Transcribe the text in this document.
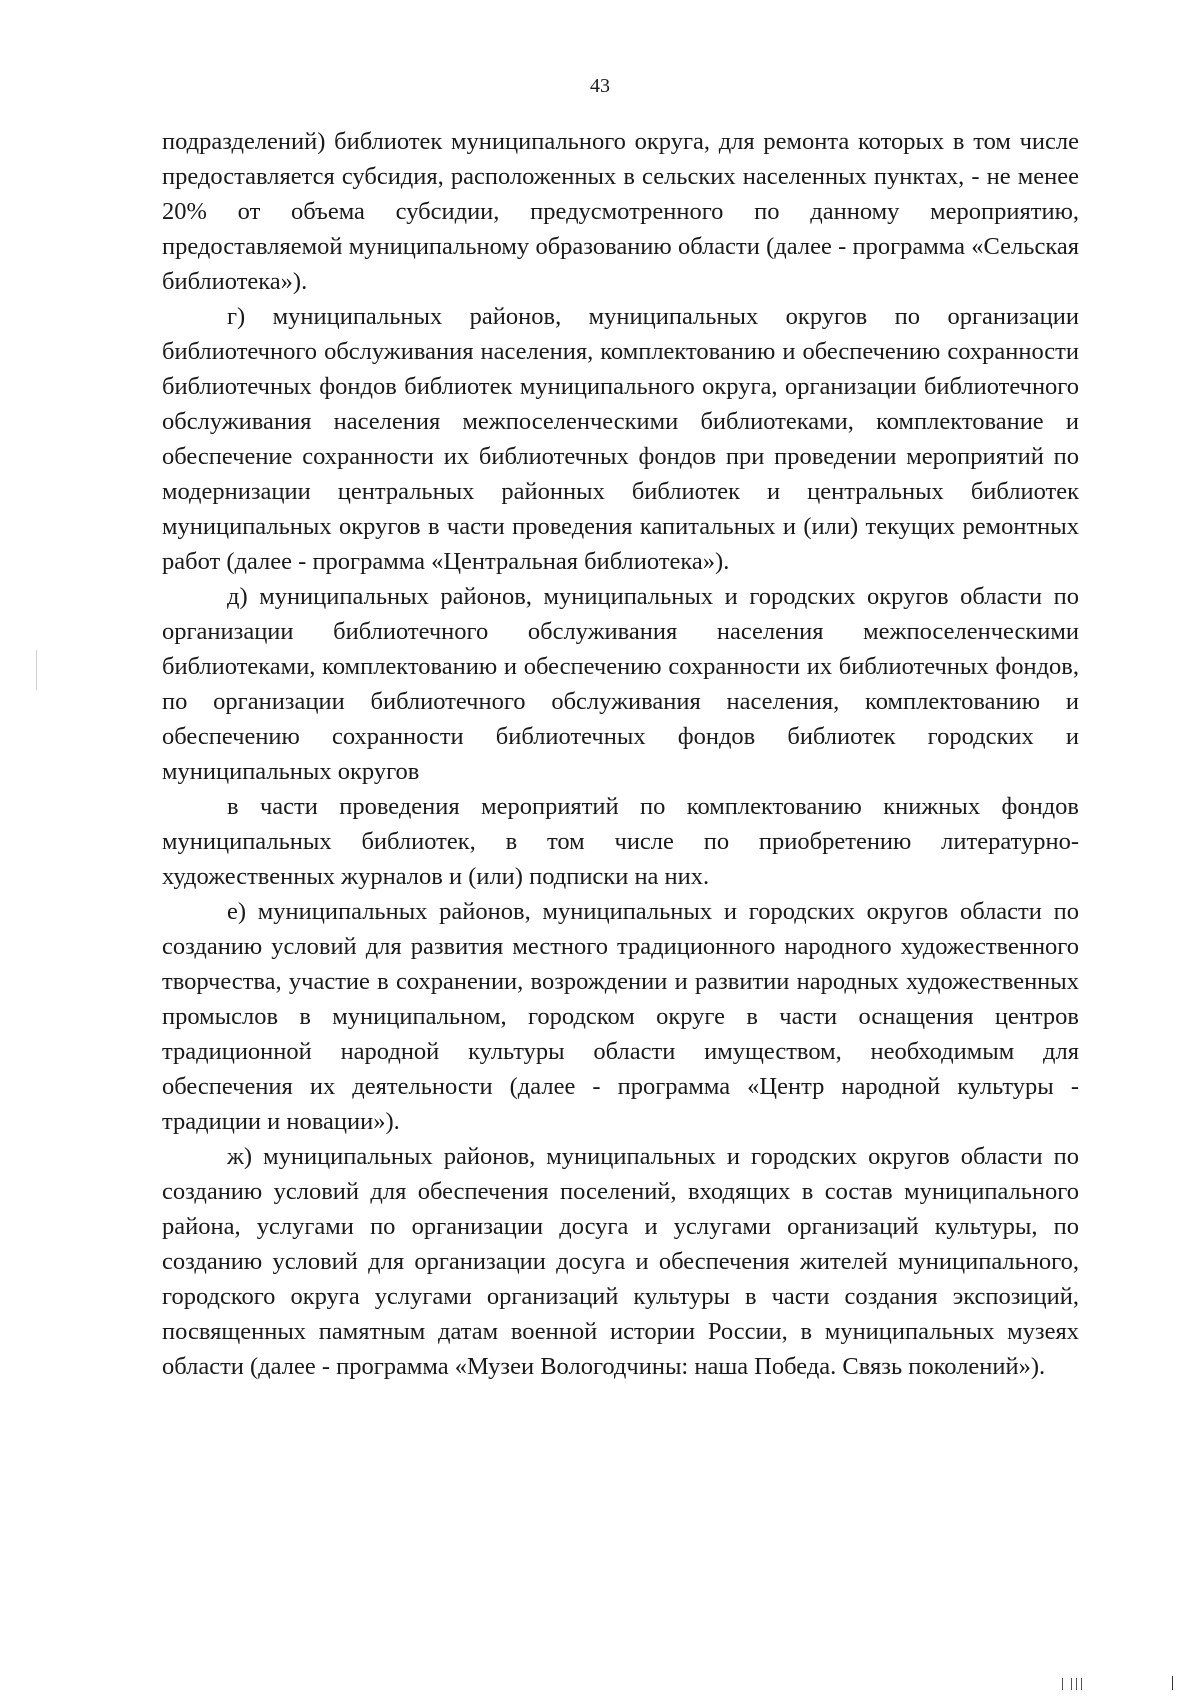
43

подразделений) библиотек муниципального округа, для ремонта которых в том числе предоставляется субсидия, расположенных в сельских населенных пунктах, - не менее 20% от объема субсидии, предусмотренного по данному мероприятию, предоставляемой муниципальному образованию области (далее - программа «Сельская библиотека»).

г) муниципальных районов, муниципальных округов по организации библиотечного обслуживания населения, комплектованию и обеспечению сохранности библиотечных фондов библиотек муниципального округа, организации библиотечного обслуживания населения межпоселенческими библиотеками, комплектование и обеспечение сохранности их библиотечных фондов при проведении мероприятий по модернизации центральных районных библиотек и центральных библиотек муниципальных округов в части проведения капитальных и (или) текущих ремонтных работ (далее - программа «Центральная библиотека»).

д) муниципальных районов, муниципальных и городских округов области по организации библиотечного обслуживания населения межпоселенческими библиотеками, комплектованию и обеспечению сохранности их библиотечных фондов, по организации библиотечного обслуживания населения, комплектованию и обеспечению сохранности библиотечных фондов библиотек городских и муниципальных округов

в части проведения мероприятий по комплектованию книжных фондов муниципальных библиотек, в том числе по приобретению литературно-художественных журналов и (или) подписки на них.

е) муниципальных районов, муниципальных и городских округов области по созданию условий для развития местного традиционного народного художественного творчества, участие в сохранении, возрождении и развитии народных художественных промыслов в муниципальном, городском округе в части оснащения центров традиционной народной культуры области имуществом, необходимым для обеспечения их деятельности (далее - программа «Центр народной культуры - традиции и новации»).

ж) муниципальных районов, муниципальных и городских округов области по созданию условий для обеспечения поселений, входящих в состав муниципального района, услугами по организации досуга и услугами организаций культуры, по созданию условий для организации досуга и обеспечения жителей муниципального, городского округа услугами организаций культуры в части создания экспозиций, посвященных памятным датам военной истории России, в муниципальных музеях области (далее - программа «Музеи Вологодчины: наша Победа. Связь поколений»).
